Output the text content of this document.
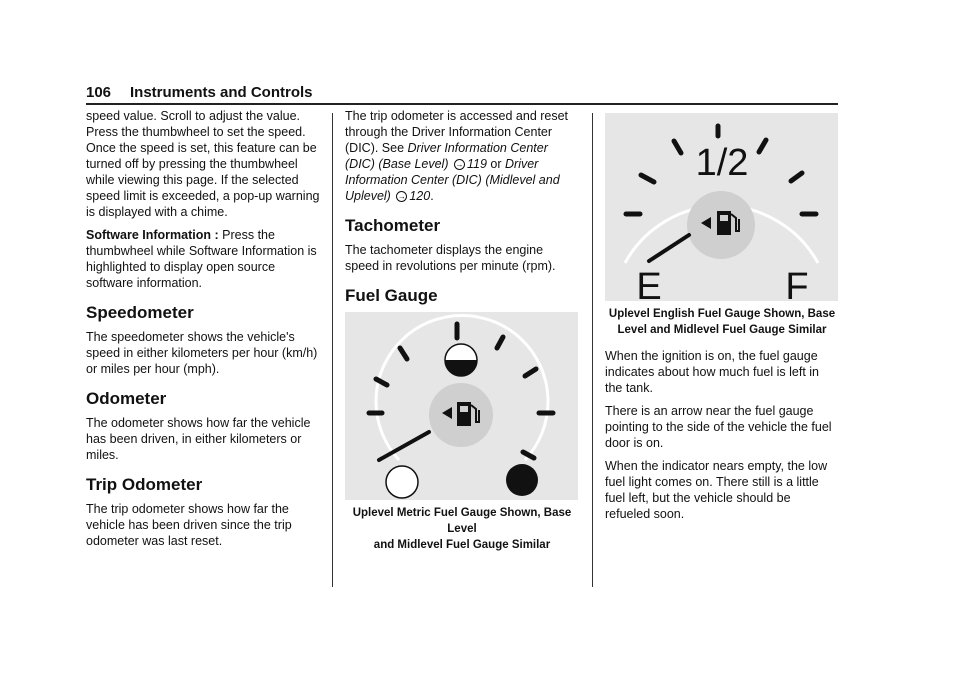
106 Instruments and Controls

speed value. Scroll to adjust the value. Press the thumbwheel to set the speed. Once the speed is set, this feature can be turned off by pressing the thumbwheel while viewing this page. If the selected speed limit is exceeded, a pop-up warning is displayed with a chime.

Software Information : Press the thumbwheel while Software Information is highlighted to display open source software information.

Speedometer

The speedometer shows the vehicle's speed in either kilometers per hour (km/h) or miles per hour (mph).

Odometer

The odometer shows how far the vehicle has been driven, in either kilometers or miles.

Trip Odometer

The trip odometer shows how far the vehicle has been driven since the trip odometer was last reset.

The trip odometer is accessed and reset through the Driver Information Center (DIC). See Driver Information Center (DIC) (Base Level) → 119 or Driver Information Center (DIC) (Midlevel and Uplevel) → 120.

Tachometer

The tachometer displays the engine speed in revolutions per minute (rpm).

Fuel Gauge
Uplevel Metric Fuel Gauge Shown, Base Level
and Midlevel Fuel Gauge Similar
1/2
E	F
Uplevel English Fuel Gauge Shown, Base
Level and Midlevel Fuel Gauge Similar

When the ignition is on, the fuel gauge indicates about how much fuel is left in the tank.

There is an arrow near the fuel gauge pointing to the side of the vehicle the fuel door is on.

When the indicator nears empty, the low fuel light comes on. There still is a little fuel left, but the vehicle should be refueled soon.
